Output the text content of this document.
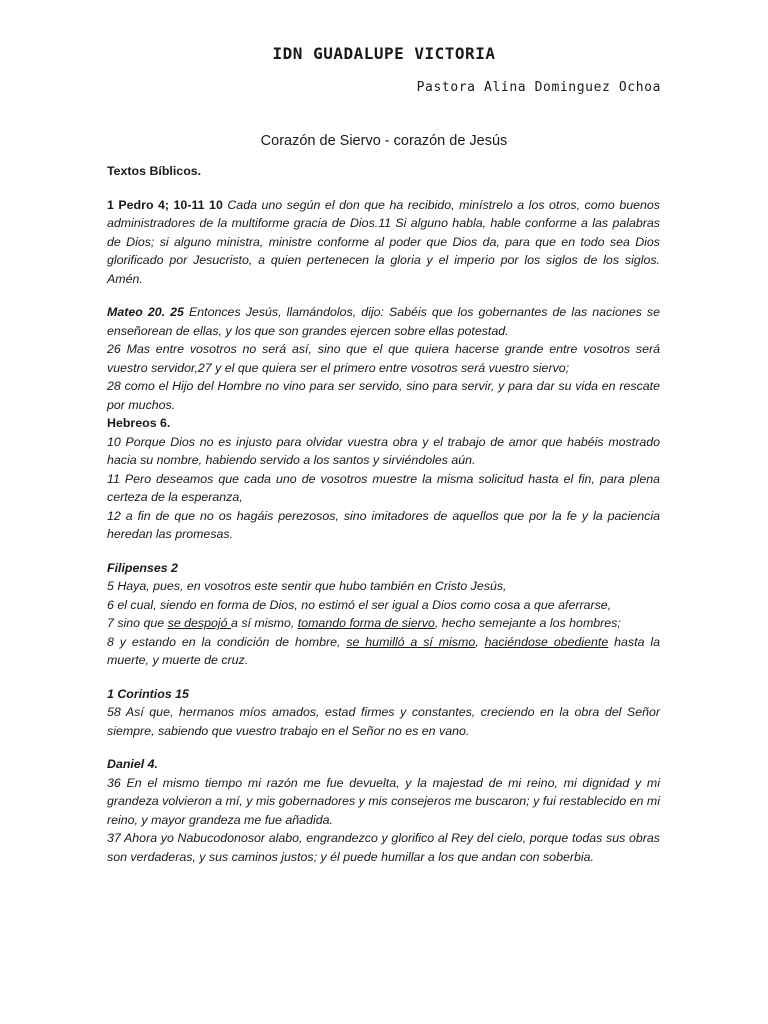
IDN GUADALUPE VICTORIA
Pastora Alina Dominguez Ochoa
Corazón de Siervo - corazón de Jesús

Textos Bíblicos.

1 Pedro 4; 10-11 10 Cada uno según el don que ha recibido, minístrelo a los otros, como buenos administradores de la multiforme gracia de Dios.11 Si alguno habla, hable conforme a las palabras de Dios; si alguno ministra, ministre conforme al poder que Dios da, para que en todo sea Dios glorificado por Jesucristo, a quien pertenecen la gloria y el imperio por los siglos de los siglos. Amén.

Mateo 20. 25 Entonces Jesús, llamándolos, dijo: Sabéis que los gobernantes de las naciones se enseñorean de ellas, y los que son grandes ejercen sobre ellas potestad.

26 Mas entre vosotros no será así, sino que el que quiera hacerse grande entre vosotros será vuestro servidor,27 y el que quiera ser el primero entre vosotros será vuestro siervo;

28 como el Hijo del Hombre no vino para ser servido, sino para servir, y para dar su vida en rescate por muchos.

Hebreos 6.

10 Porque Dios no es injusto para olvidar vuestra obra y el trabajo de amor que habéis mostrado hacia su nombre, habiendo servido a los santos y sirviéndoles aún.

11 Pero deseamos que cada uno de vosotros muestre la misma solicitud hasta el fin, para plena certeza de la esperanza,

12 a fin de que no os hagáis perezosos, sino imitadores de aquellos que por la fe y la paciencia heredan las promesas.

Filipenses 2

5 Haya, pues, en vosotros este sentir que hubo también en Cristo Jesús,

6 el cual, siendo en forma de Dios, no estimó el ser igual a Dios como cosa a que aferrarse,

7 sino que se despojó a sí mismo, tomando forma de siervo, hecho semejante a los hombres;

8 y estando en la condición de hombre, se humilló a sí mismo, haciéndose obediente hasta la muerte, y muerte de cruz.

1 Corintios 15

58 Así que, hermanos míos amados, estad firmes y constantes, creciendo en la obra del Señor siempre, sabiendo que vuestro trabajo en el Señor no es en vano.

Daniel 4.

36 En el mismo tiempo mi razón me fue devuelta, y la majestad de mi reino, mi dignidad y mi grandeza volvieron a mí, y mis gobernadores y mis consejeros me buscaron; y fui restablecido en mi reino, y mayor grandeza me fue añadida.

37 Ahora yo Nabucodonosor alabo, engrandezco y glorifico al Rey del cielo, porque todas sus obras son verdaderas, y sus caminos justos; y él puede humillar a los que andan con soberbia.
